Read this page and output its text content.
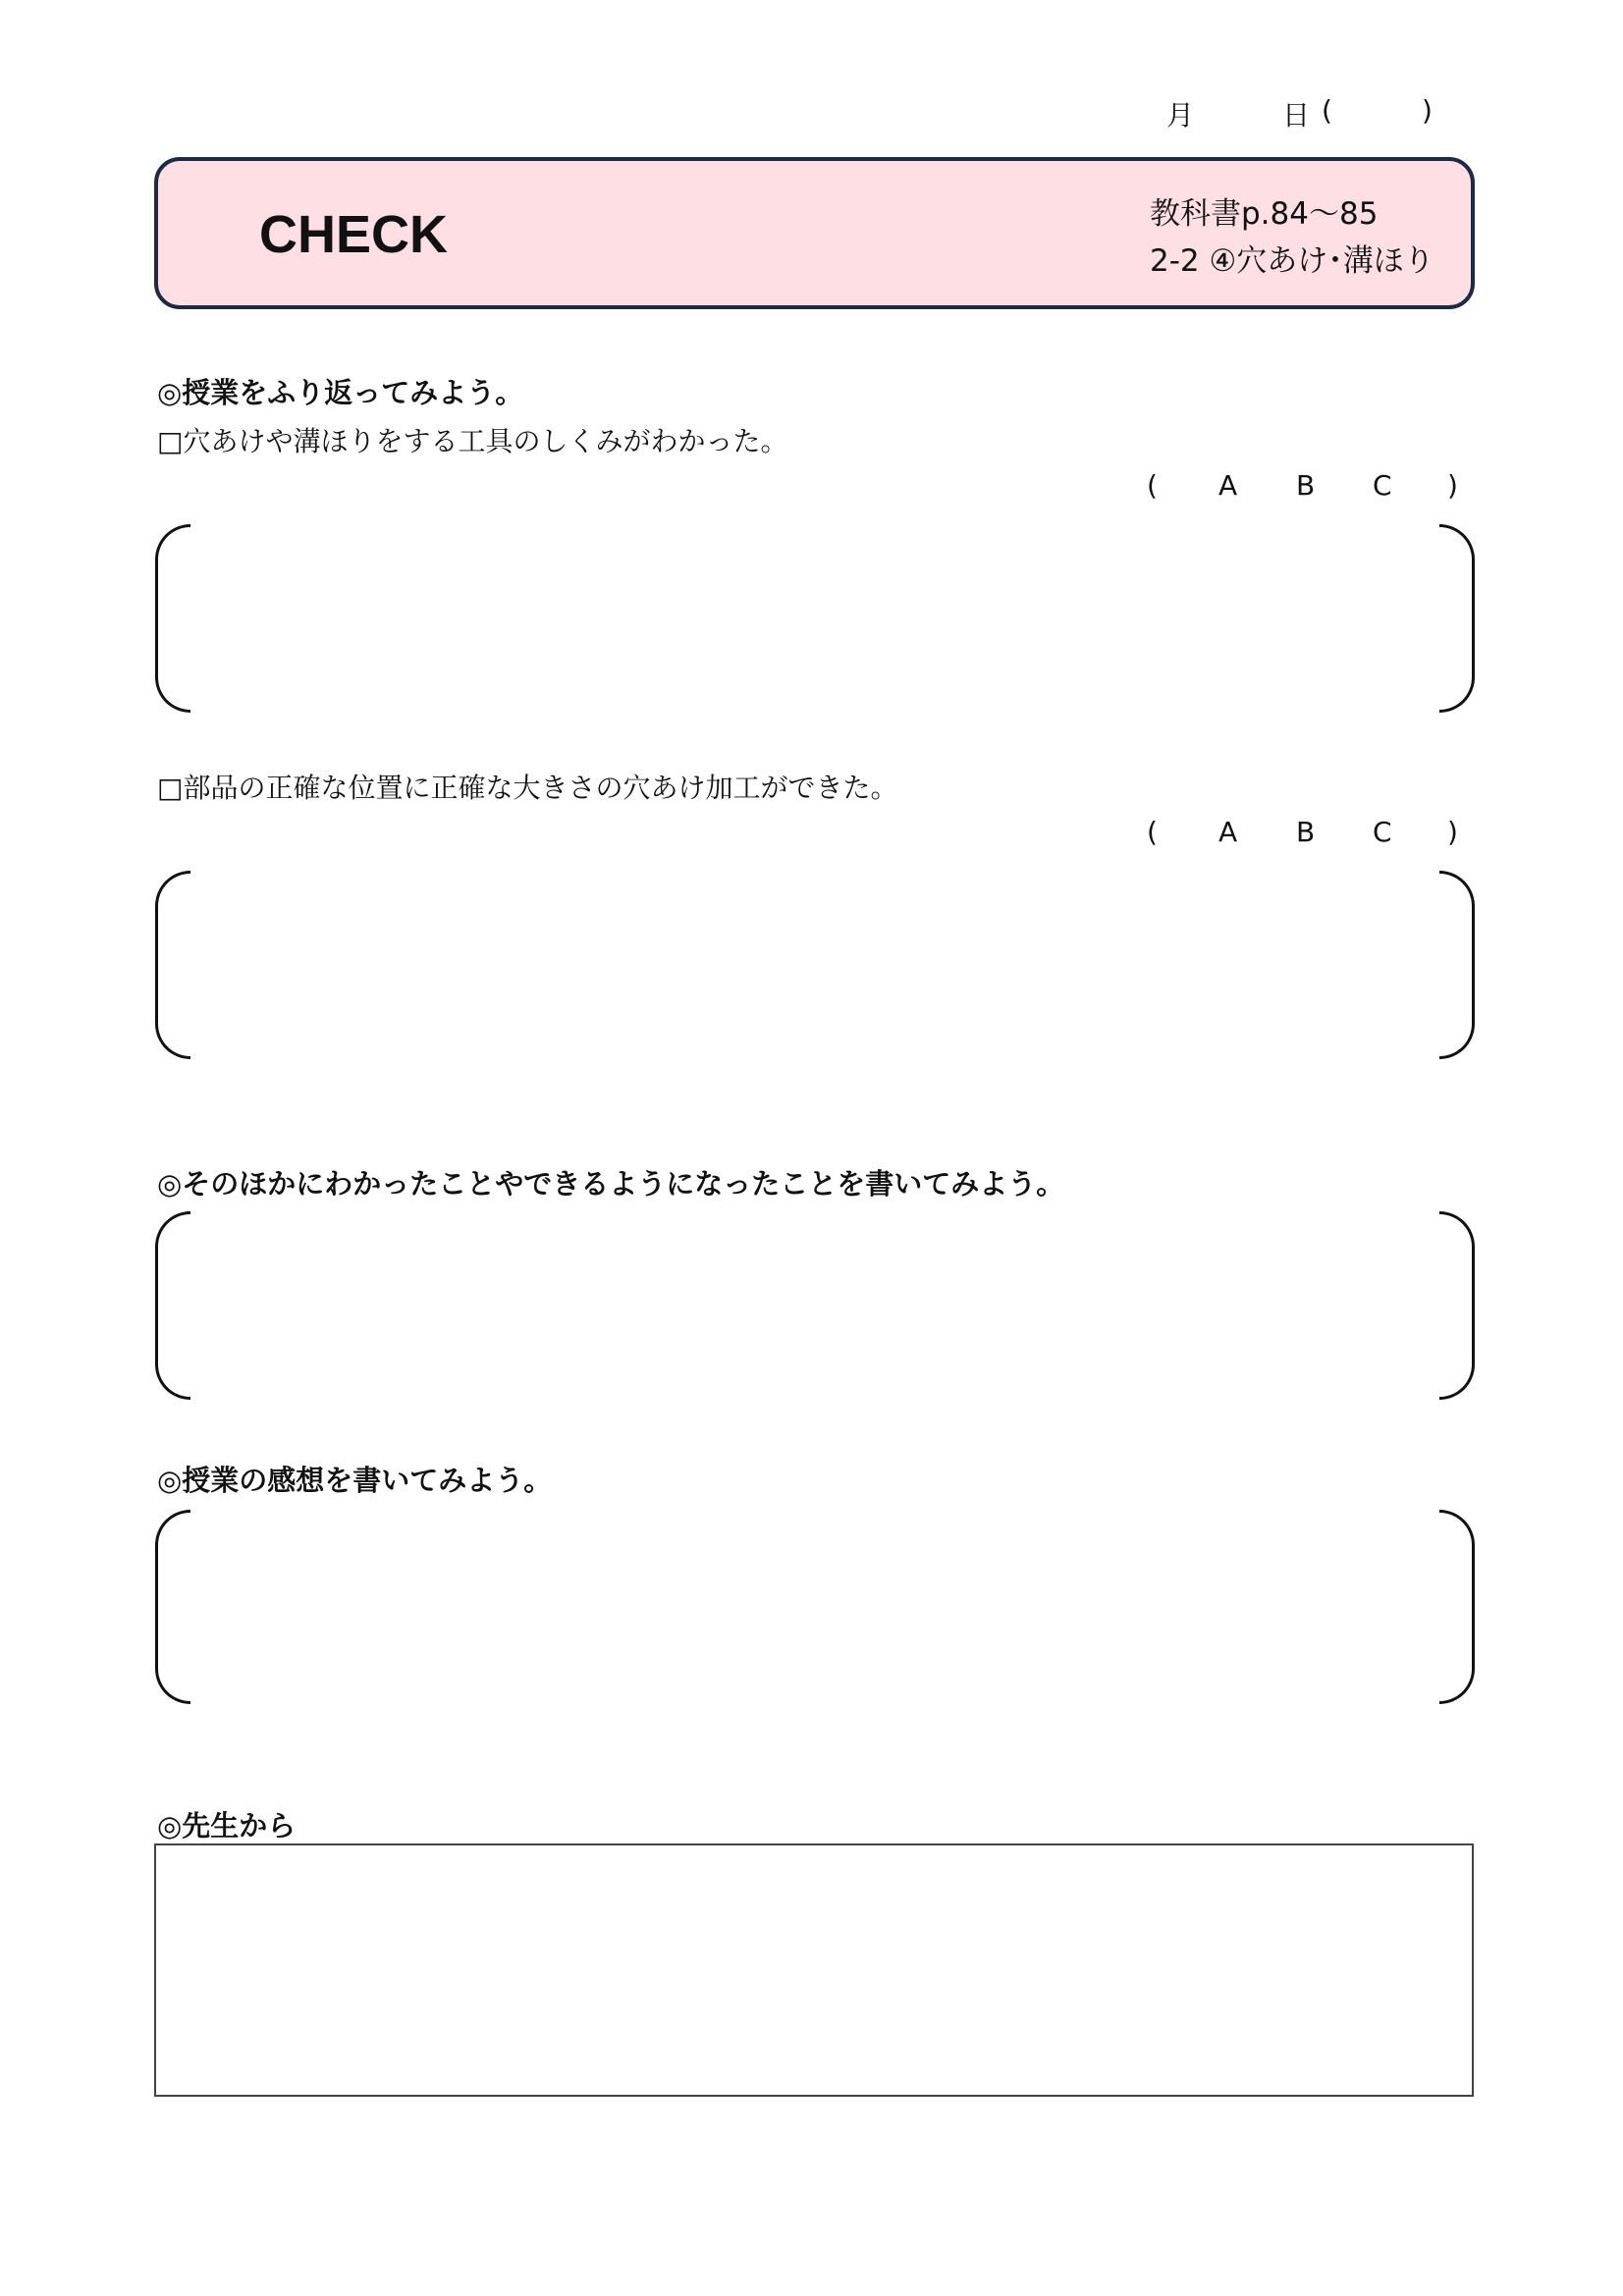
月	日 (	)
CHECK	教科書p.84～85
2-2 ④穴あけ･溝ほり
◎授業をふり返ってみよう。
□穴あけや溝ほりをする工具のしくみがわかった。
( A B C )
□部品の正確な位置に正確な大きさの穴あけ加工ができた。
( A B C )
◎そのほかにわかったことやできるようになったことを書いてみよう。
◎授業の感想を書いてみよう。
◎先生から
